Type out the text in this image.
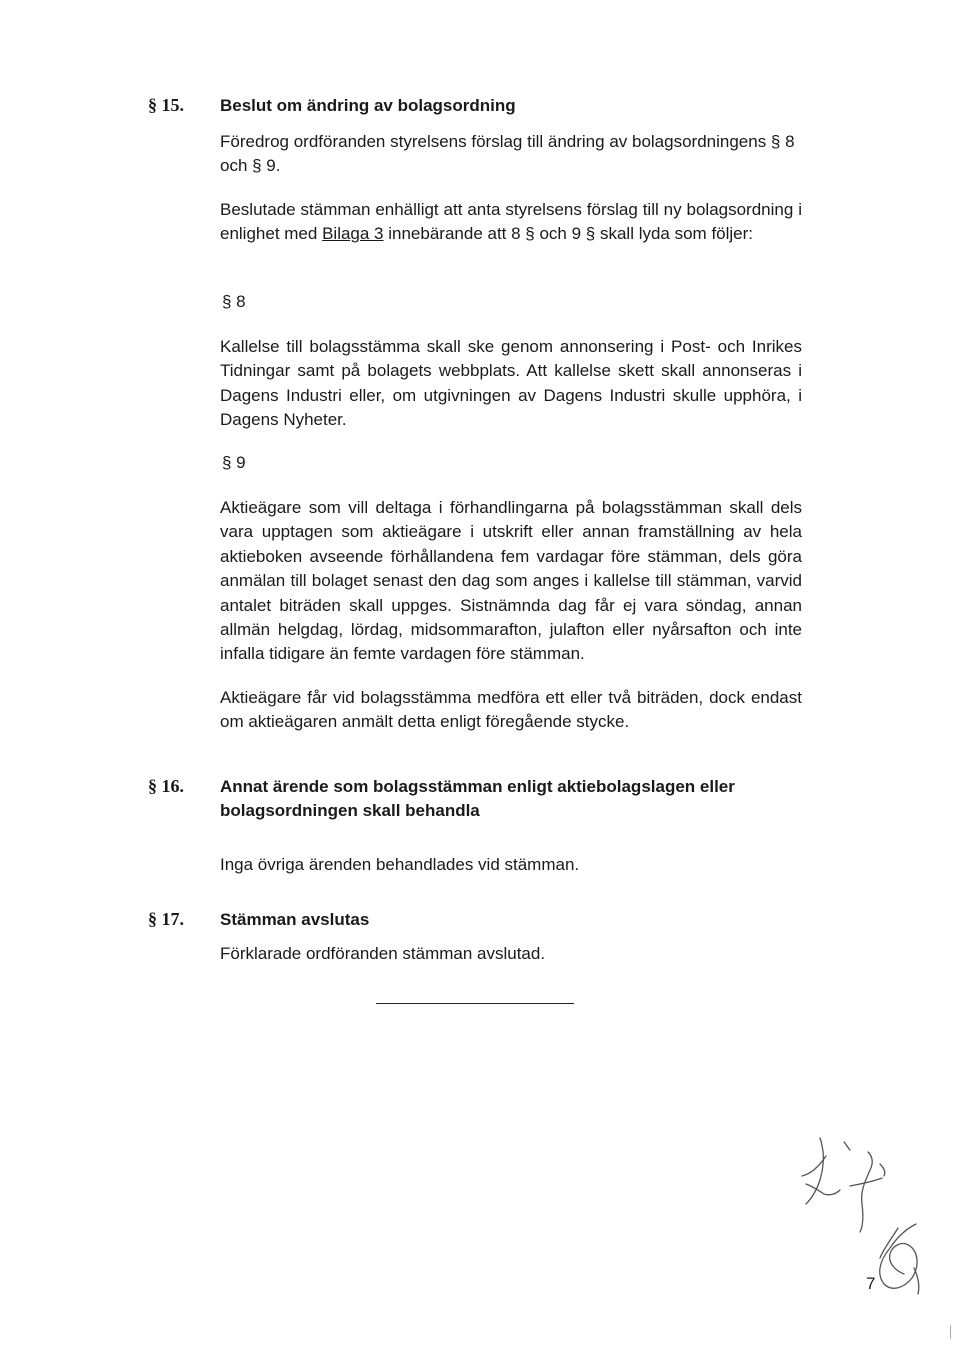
§ 15. Beslut om ändring av bolagsordning
Föredrog ordföranden styrelsens förslag till ändring av bolagsordningens § 8 och § 9.
Beslutade stämman enhälligt att anta styrelsens förslag till ny bolagsordning i enlighet med Bilaga 3 innebärande att 8 § och 9 § skall lyda som följer:
§ 8
Kallelse till bolagsstämma skall ske genom annonsering i Post- och Inrikes Tidningar samt på bolagets webbplats. Att kallelse skett skall annonseras i Dagens Industri eller, om utgivningen av Dagens Industri skulle upphöra, i Dagens Nyheter.
§ 9
Aktieägare som vill deltaga i förhandlingarna på bolagsstämman skall dels vara upptagen som aktieägare i utskrift eller annan framställning av hela aktieboken avseende förhållandena fem vardagar före stämman, dels göra anmälan till bolaget senast den dag som anges i kallelse till stämman, varvid antalet biträden skall uppges. Sistnämnda dag får ej vara söndag, annan allmän helgdag, lördag, midsommarafton, julafton eller nyårsafton och inte infalla tidigare än femte vardagen före stämman.
Aktieägare får vid bolagsstämma medföra ett eller två biträden, dock endast om aktieägaren anmält detta enligt föregående stycke.
§ 16. Annat ärende som bolagsstämman enligt aktiebolagslagen eller
bolagsordningen skall behandla
Inga övriga ärenden behandlades vid stämman.
§ 17. Stämman avslutas
Förklarade ordföranden stämman avslutad.
7
